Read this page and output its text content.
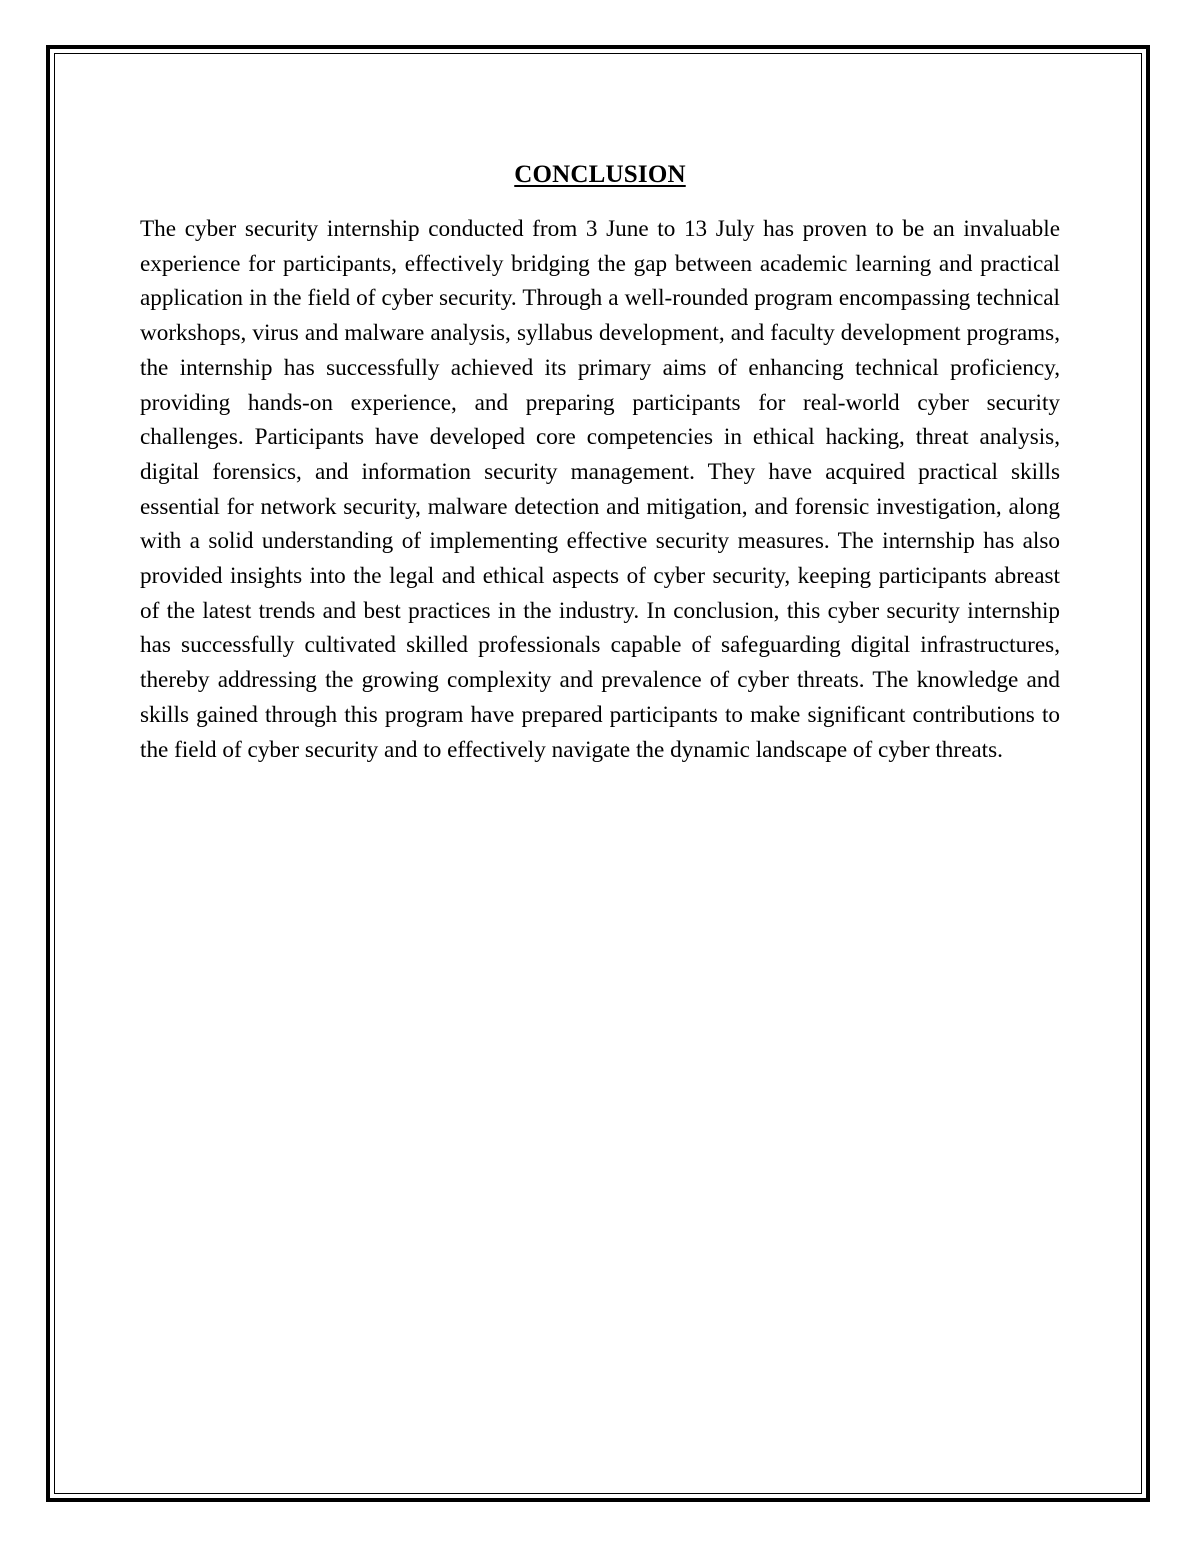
CONCLUSION

The cyber security internship conducted from 3 June to 13 July has proven to be an invaluable experience for participants, effectively bridging the gap between academic learning and practical application in the field of cyber security. Through a well-rounded program encompassing technical workshops, virus and malware analysis, syllabus development, and faculty development programs, the internship has successfully achieved its primary aims of enhancing technical proficiency, providing hands-on experience, and preparing participants for real-world cyber security challenges. Participants have developed core competencies in ethical hacking, threat analysis, digital forensics, and information security management. They have acquired practical skills essential for network security, malware detection and mitigation, and forensic investigation, along with a solid understanding of implementing effective security measures. The internship has also provided insights into the legal and ethical aspects of cyber security, keeping participants abreast of the latest trends and best practices in the industry. In conclusion, this cyber security internship has successfully cultivated skilled professionals capable of safeguarding digital infrastructures, thereby addressing the growing complexity and prevalence of cyber threats. The knowledge and skills gained through this program have prepared participants to make significant contributions to the field of cyber security and to effectively navigate the dynamic landscape of cyber threats.
